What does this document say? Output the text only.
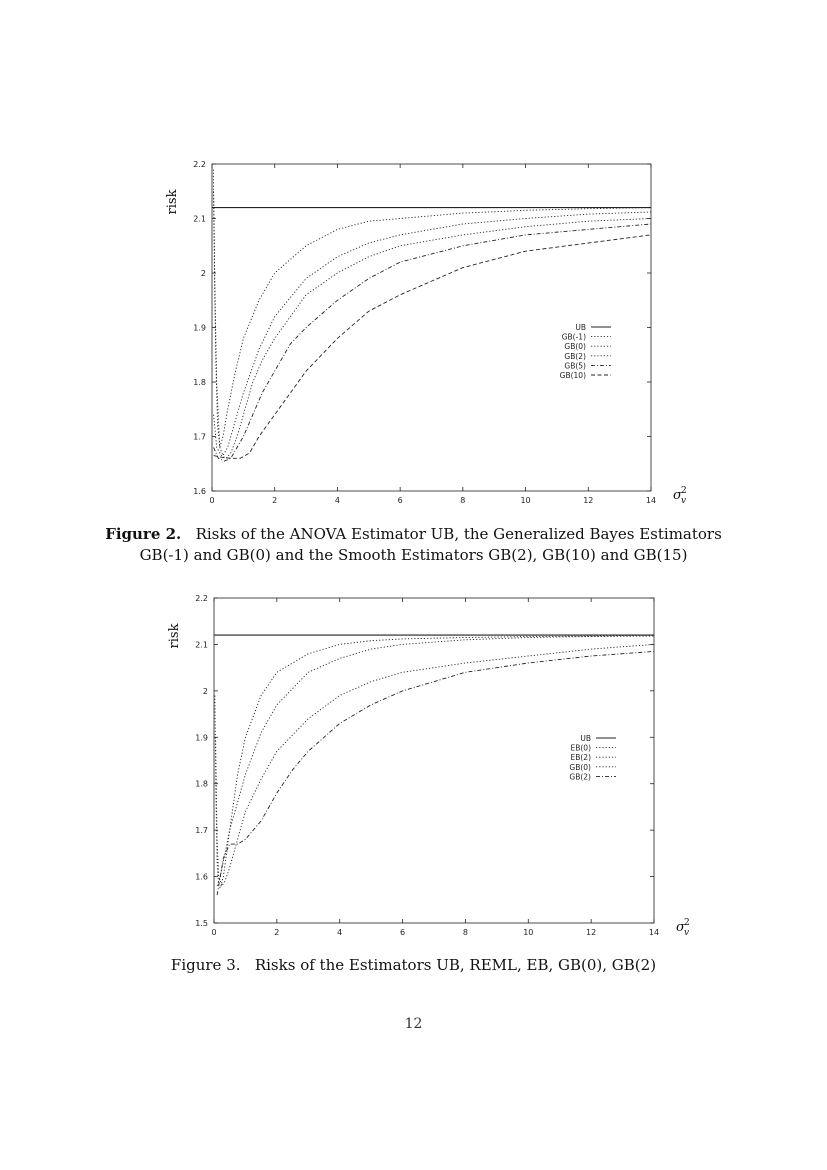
0	2	4	6	8	10	12	14
1.6
1.7
1.8
1.9
2
2.1
2.2
risk
σ 2
v
UB
GB(-1)
GB(0)
GB(2)
GB(5)
GB(10)
0	2	4	6	8	10	12	14
1.5
1.6
1.7
1.8
1.9
2
2.1
2.2
risk
σ 2
v
UB
EB(0)
EB(2)
GB(0)
GB(2)
Figure 2. Risks of the ANOVA Estimator UB, the Generalized Bayes Estimators
GB(-1) and GB(0) and the Smooth Estimators GB(2), GB(10) and GB(15)
Figure 3. Risks of the Estimators UB, REML, EB, GB(0), GB(2)
12
